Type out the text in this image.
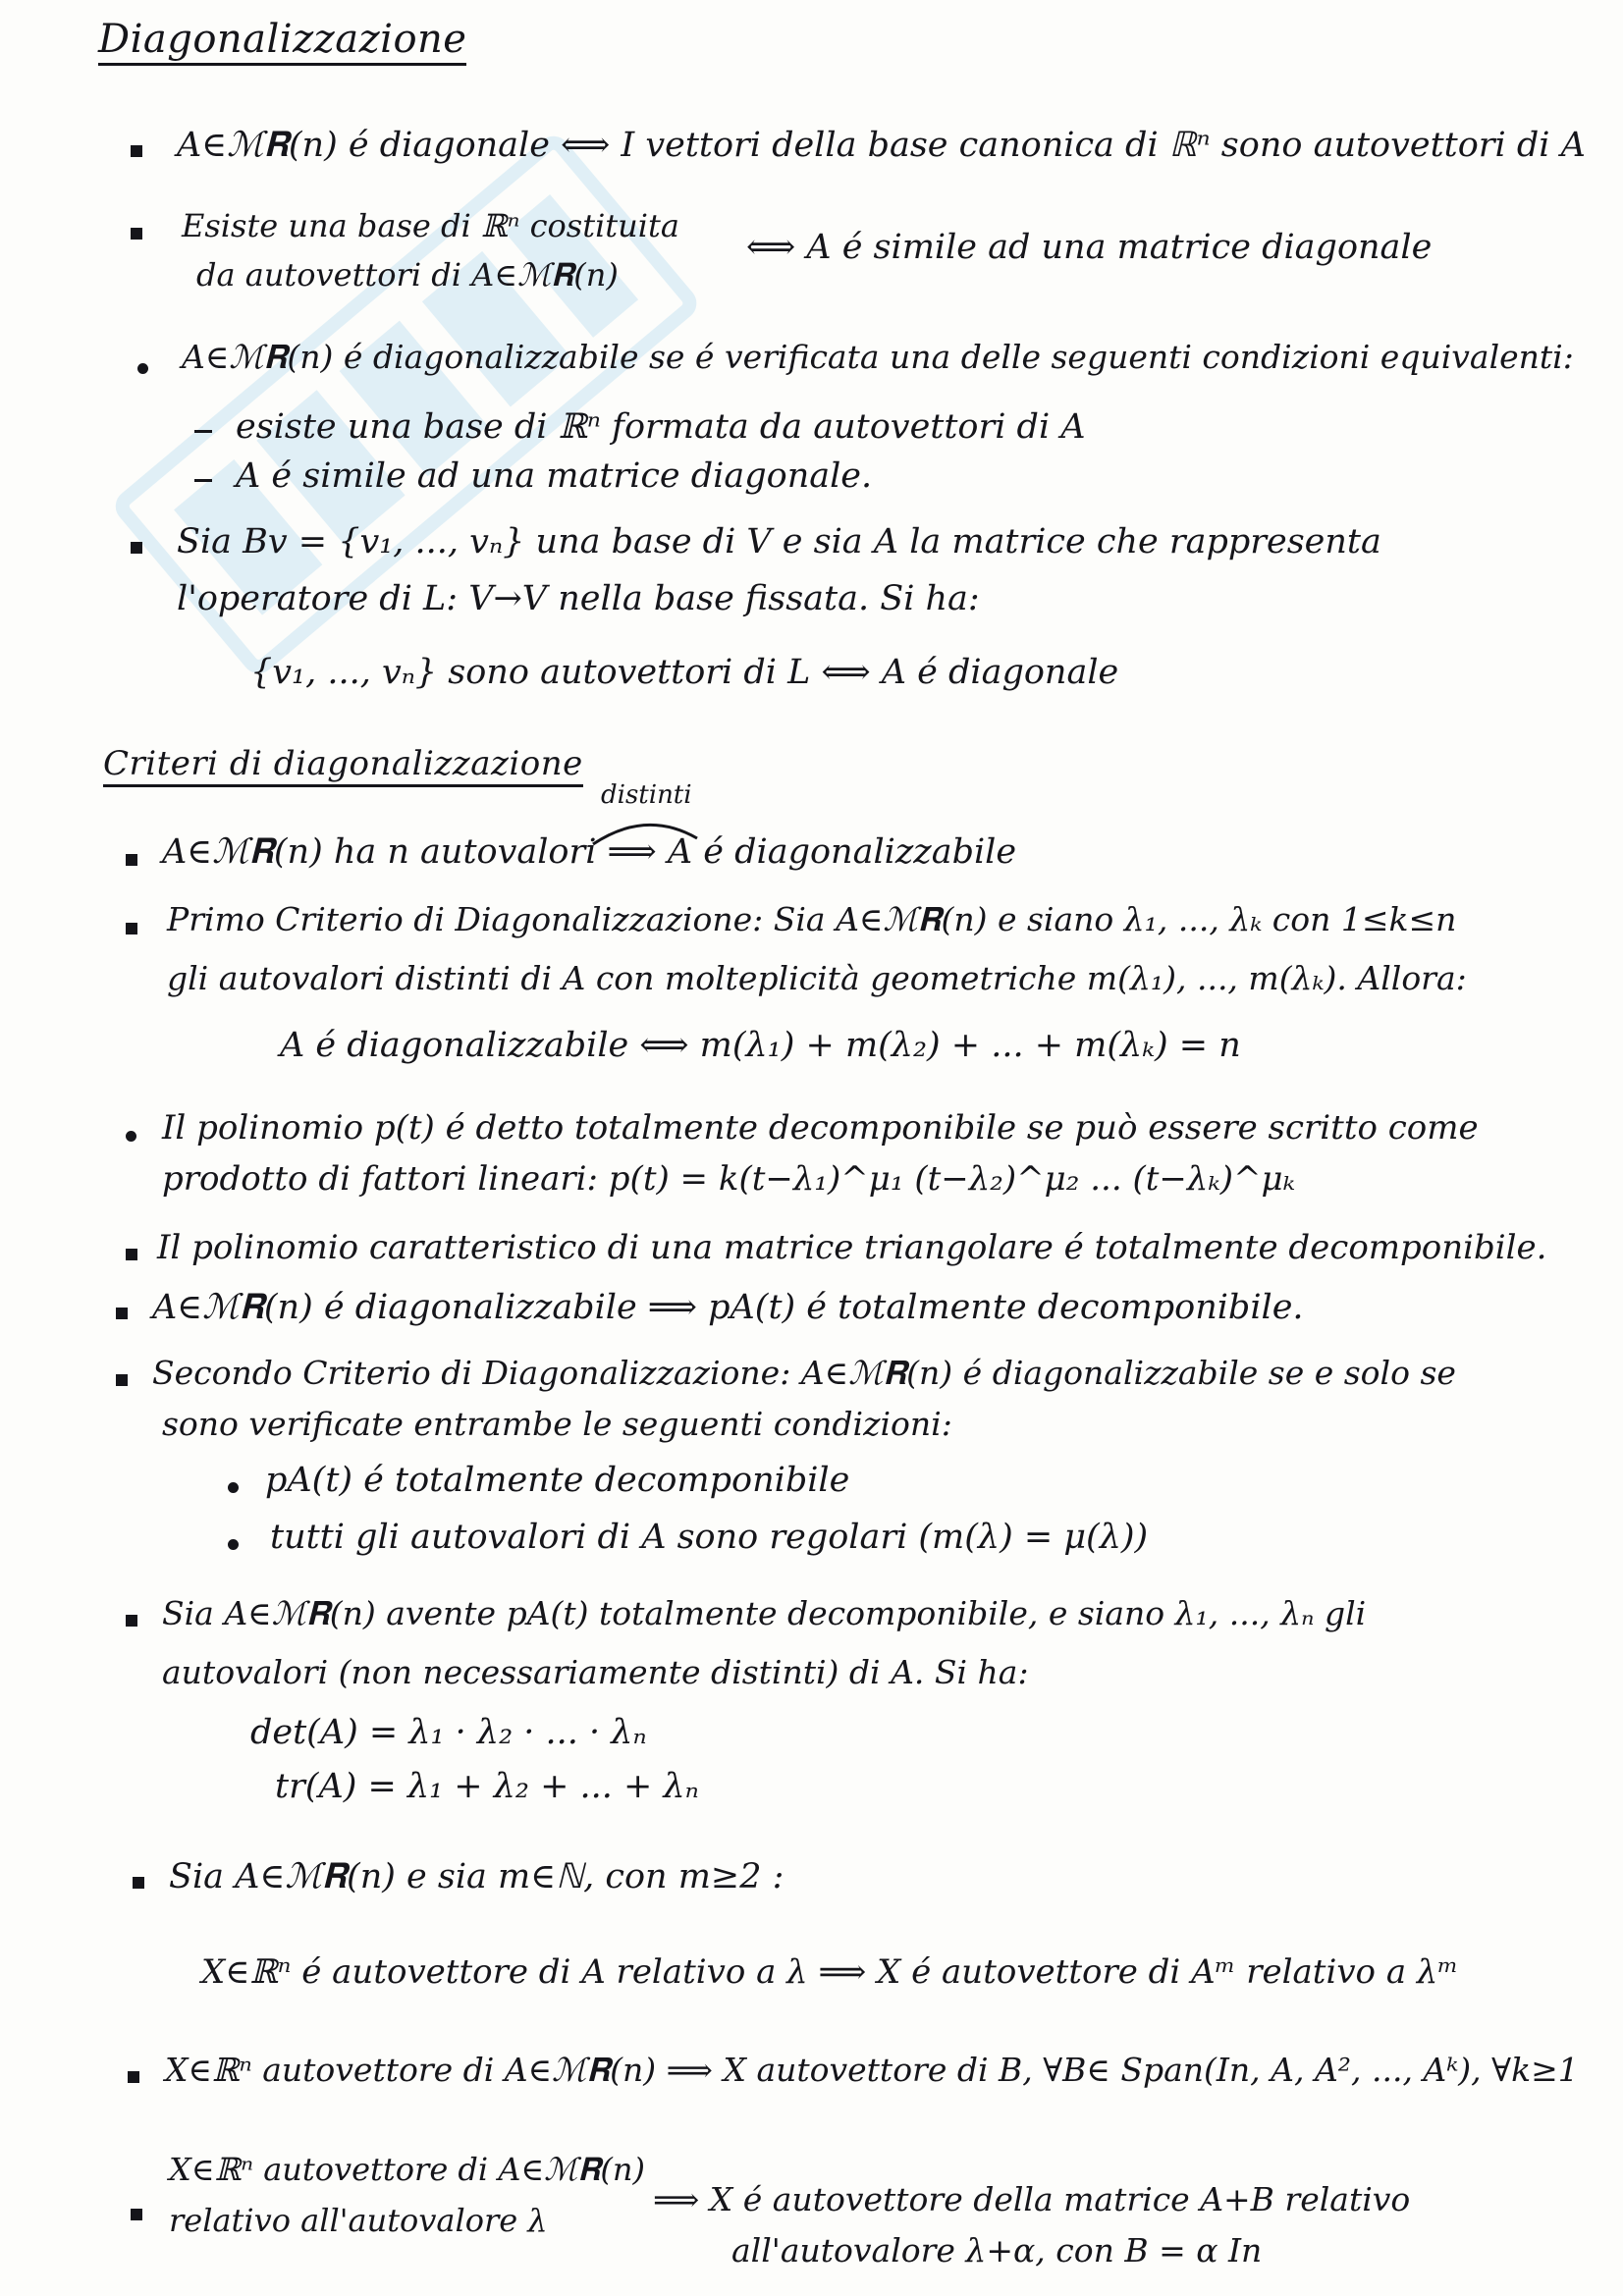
Diagonalizzazione
A∈ℳ𝐑(n) é diagonale ⟺ I vettori della base canonica di ℝⁿ sono autovettori di A
Esiste una base di ℝⁿ costituita
da autovettori di A∈ℳ𝐑(n)
⟺ A é simile ad una matrice diagonale
A∈ℳ𝐑(n) é diagonalizzabile se é verificata una delle seguenti condizioni equivalenti:
esiste una base di ℝⁿ formata da autovettori di A
A é simile ad una matrice diagonale.
Sia Bv = {v₁, ..., vₙ} una base di V e sia A la matrice che rappresenta
l'operatore di L: V→V nella base fissata. Si ha:
{v₁, ..., vₙ} sono autovettori di L ⟺ A é diagonale
Criteri di diagonalizzazione
distinti
A∈ℳ𝐑(n) ha n autovalori ⟹ A é diagonalizzabile
Primo Criterio di Diagonalizzazione: Sia A∈ℳ𝐑(n) e siano λ₁, ..., λₖ con 1≤k≤n
gli autovalori distinti di A con molteplicità geometriche m(λ₁), ..., m(λₖ). Allora:
A é diagonalizzabile ⟺ m(λ₁) + m(λ₂) + ... + m(λₖ) = n
Il polinomio p(t) é detto totalmente decomponibile se può essere scritto come
prodotto di fattori lineari: p(t) = k(t−λ₁)^μ₁ (t−λ₂)^μ₂ ... (t−λₖ)^μₖ
Il polinomio caratteristico di una matrice triangolare é totalmente decomponibile.
A∈ℳ𝐑(n) é diagonalizzabile ⟹ pA(t) é totalmente decomponibile.
Secondo Criterio di Diagonalizzazione: A∈ℳ𝐑(n) é diagonalizzabile se e solo se
sono verificate entrambe le seguenti condizioni:
pA(t) é totalmente decomponibile
tutti gli autovalori di A sono regolari (m(λ) = μ(λ))
Sia A∈ℳ𝐑(n) avente pA(t) totalmente decomponibile, e siano λ₁, ..., λₙ gli
autovalori (non necessariamente distinti) di A. Si ha:
det(A) = λ₁ · λ₂ · ... · λₙ
tr(A) = λ₁ + λ₂ + ... + λₙ
Sia A∈ℳ𝐑(n) e sia m∈ℕ, con m≥2 :
X∈ℝⁿ é autovettore di A relativo a λ ⟹ X é autovettore di Aᵐ relativo a λᵐ
X∈ℝⁿ autovettore di A∈ℳ𝐑(n) ⟹ X autovettore di B, ∀B∈ Span(In, A, A², ..., Aᵏ), ∀k≥1
X∈ℝⁿ autovettore di A∈ℳ𝐑(n)
relativo all'autovalore λ
⟹ X é autovettore della matrice A+B relativo
all'autovalore λ+α, con B = α In
